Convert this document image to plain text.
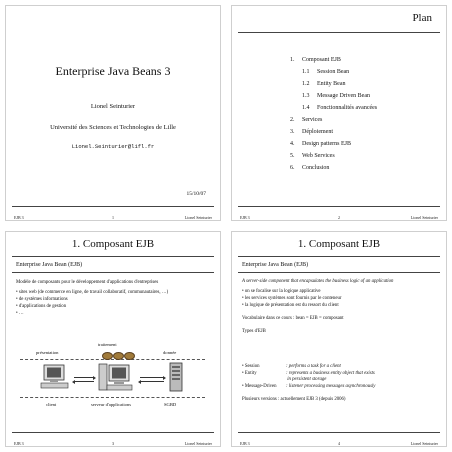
Enterprise Java Beans 3
Lionel Seinturier
Université des Sciences et Technologies de Lille
Lionel.Seinturier@lifl.fr
15/10/07
EJB 3	1	Lionel Seinturier
Plan
1. Composant EJB
1.1 Session Bean
1.2 Entity Bean
1.3 Message Driven Bean
1.4 Fonctionnalités avancées
2. Services
3. Déploiement
4. Design patterns EJB
5. Web Services
6. Conclusion
EJB 3	2	Lionel Seinturier
1. Composant EJB
Enterprise Java Bean (EJB)
Modèle de composants pour le développement d'applications d'entreprises
• sites web (de commerce en ligne, de travail collaboratif, communautaires, …)
• de systèmes informations
• d'applications de gestion
• …
traitement
présentation	donnée
client	serveur d'applications	SGBD
EJB 3	3	Lionel Seinturier
1. Composant EJB
Enterprise Java Bean (EJB)
A server-side component that encapsulates the business logic of an application
• on se focalise sur la logique applicative
• les services systèmes sont fournis par le conteneur
• la logique de présentation est du ressort du client
Vocabulaire dans ce cours : bean = EJB = composant
Types d'EJB
• Session	: performs a task for a client
• Entity	: represents a business entity object that exists
in persistent storage
• Message-Driven : listener processing messages asynchronously
Plusieurs versions : actuellement EJB 3 (depuis 2006)
EJB 3	4	Lionel Seinturier
